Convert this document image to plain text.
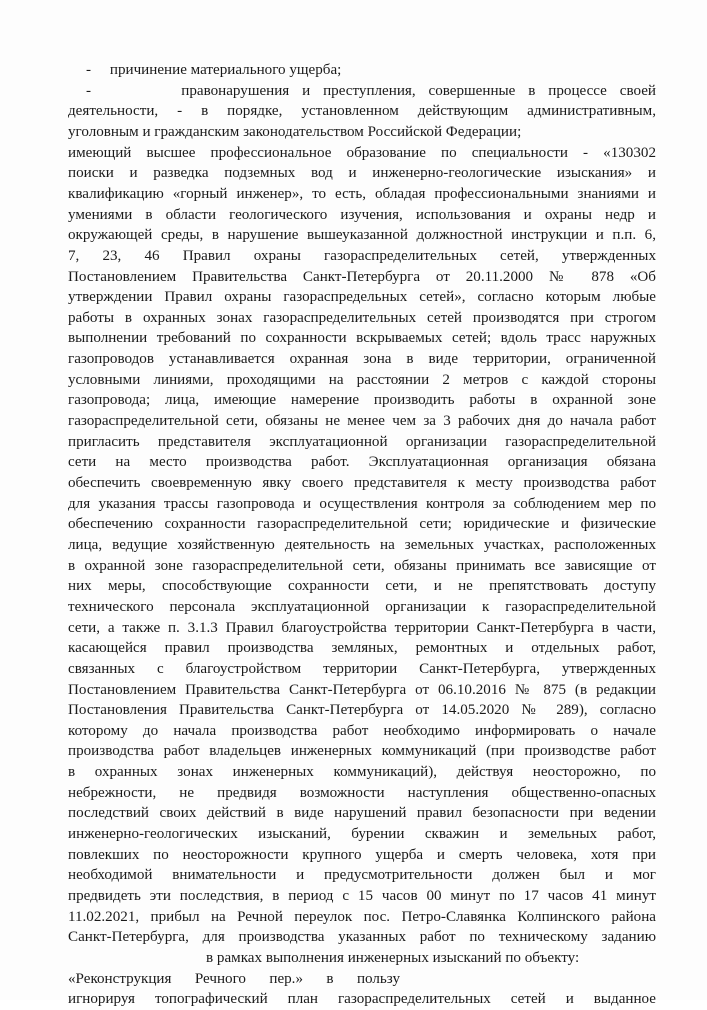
-     причинение материального ущерба;
-       правонарушения и преступления, совершенные в процессе своей
деятельности, - в порядке, установленном действующим административным,
уголовным и гражданским законодательством Российской Федерации;
имеющий высшее профессиональное образование по специальности - «130302
поиски и разведка подземных вод и инженерно-геологические изыскания» и
квалификацию «горный инженер», то есть, обладая профессиональными знаниями и
умениями в области геологического изучения, использования и охраны недр и
окружающей среды, в нарушение вышеуказанной должностной инструкции и п.п. 6,
7, 23, 46 Правил охраны газораспределительных сетей, утвержденных
Постановлением Правительства Санкт-Петербурга от 20.11.2000 № 878 «Об
утверждении Правил охраны газораспредельных сетей», согласно которым любые
работы в охранных зонах газораспределительных сетей производятся при строгом
выполнении требований по сохранности вскрываемых сетей; вдоль трасс наружных
газопроводов устанавливается охранная зона в виде территории, ограниченной
условными линиями, проходящими на расстоянии 2 метров с каждой стороны
газопровода; лица, имеющие намерение производить работы в охранной зоне
газораспределительной сети, обязаны не менее чем за 3 рабочих дня до начала работ
пригласить представителя эксплуатационной организации газораспределительной
сети на место производства работ. Эксплуатационная организация обязана
обеспечить своевременную явку своего представителя к месту производства работ
для указания трассы газопровода и осуществления контроля за соблюдением мер по
обеспечению сохранности газораспределительной сети; юридические и физические
лица, ведущие хозяйственную деятельность на земельных участках, расположенных
в охранной зоне газораспределительной сети, обязаны принимать все зависящие от
них меры, способствующие сохранности сети, и не препятствовать доступу
технического персонала эксплуатационной организации к газораспределительной
сети, а также п. 3.1.3 Правил благоустройства территории Санкт-Петербурга в части,
касающейся правил производства земляных, ремонтных и отдельных работ,
связанных с благоустройством территории Санкт-Петербурга, утвержденных
Постановлением Правительства Санкт-Петербурга от 06.10.2016 № 875 (в редакции
Постановления Правительства Санкт-Петербурга от 14.05.2020 № 289), согласно
которому до начала производства работ необходимо информировать о начале
производства работ владельцев инженерных коммуникаций (при производстве работ
в охранных зонах инженерных коммуникаций), действуя неосторожно, по
небрежности, не предвидя возможности наступления общественно-опасных
последствий своих действий в виде нарушений правил безопасности при ведении
инженерно-геологических изысканий, бурении скважин и земельных работ,
повлекших по неосторожности крупного ущерба и смерть человека, хотя при
необходимой внимательности и предусмотрительности должен был и мог
предвидеть эти последствия, в период с 15 часов 00 минут по 17 часов 41 минут
11.02.2021, прибыл на Речной переулок пос. Петро-Славянка Колпинского района
Санкт-Петербурга, для производства указанных работ по техническому заданию
в рамках выполнения инженерных изысканий по объекту:
«Реконструкция Речного пер.» в пользу
игнорируя топографический план газораспределительных сетей и выданное
